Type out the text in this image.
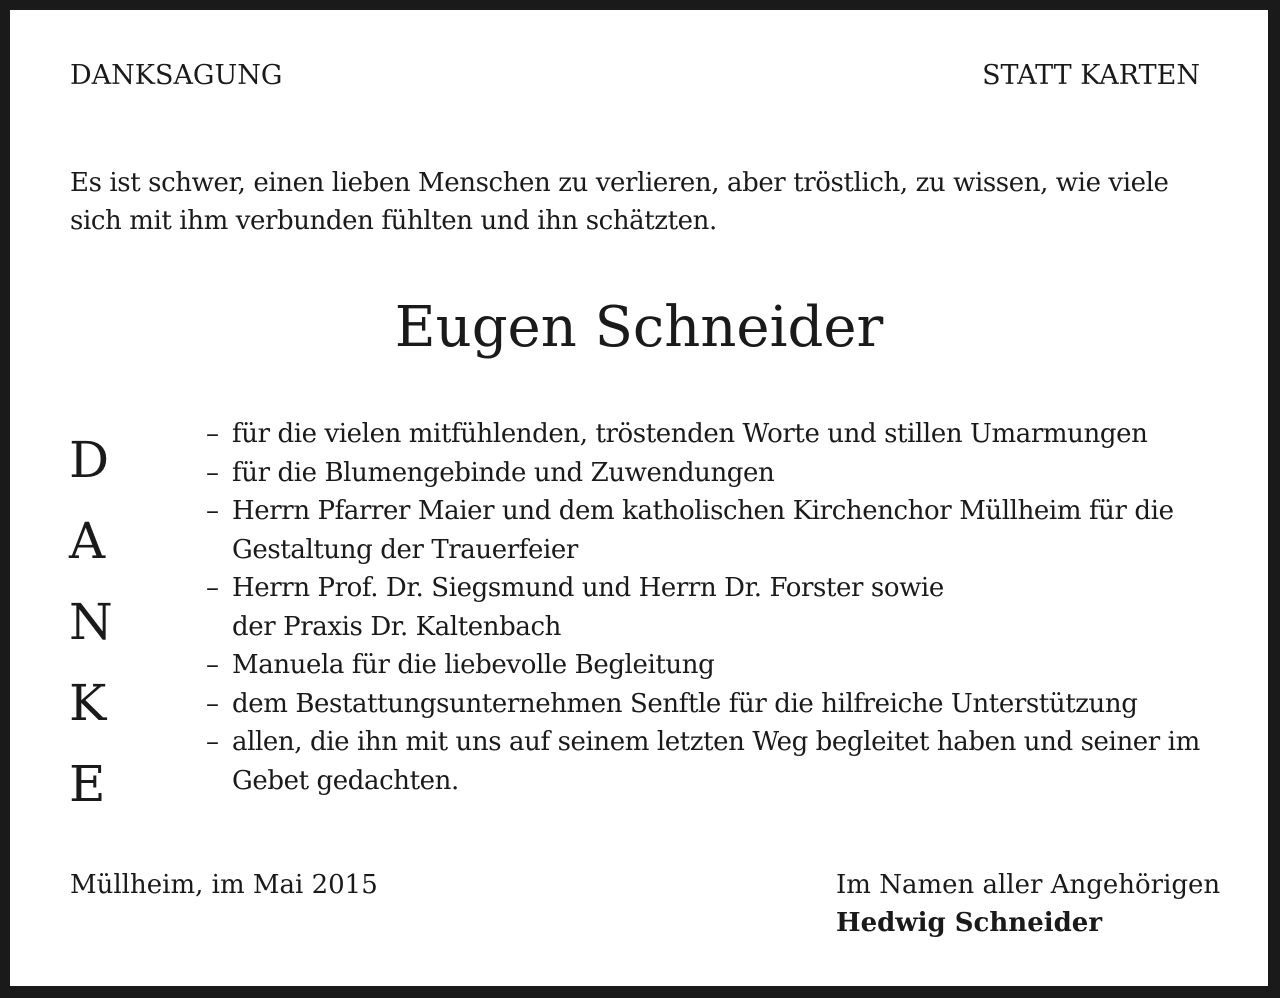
DANKSAGUNG	STATT KARTEN
Es ist schwer, einen lieben Menschen zu verlieren, aber tröstlich, zu wissen, wie viele sich mit ihm verbunden fühlten und ihn schätzten.
Eugen Schneider
D
A
N
K
E
– für die vielen mitfühlenden, tröstenden Worte und stillen Umarmungen
– für die Blumengebinde und Zuwendungen
– Herrn Pfarrer Maier und dem katholischen Kirchenchor Müllheim für die Gestaltung der Trauerfeier
– Herrn Prof. Dr. Siegsmund und Herrn Dr. Forster sowie der Praxis Dr. Kaltenbach
– Manuela für die liebevolle Begleitung
– dem Bestattungsunternehmen Senftle für die hilfreiche Unterstützung
– allen, die ihn mit uns auf seinem letzten Weg begleitet haben und seiner im Gebet gedachten.
Müllheim, im Mai 2015	Im Namen aller Angehörigen
Hedwig Schneider
